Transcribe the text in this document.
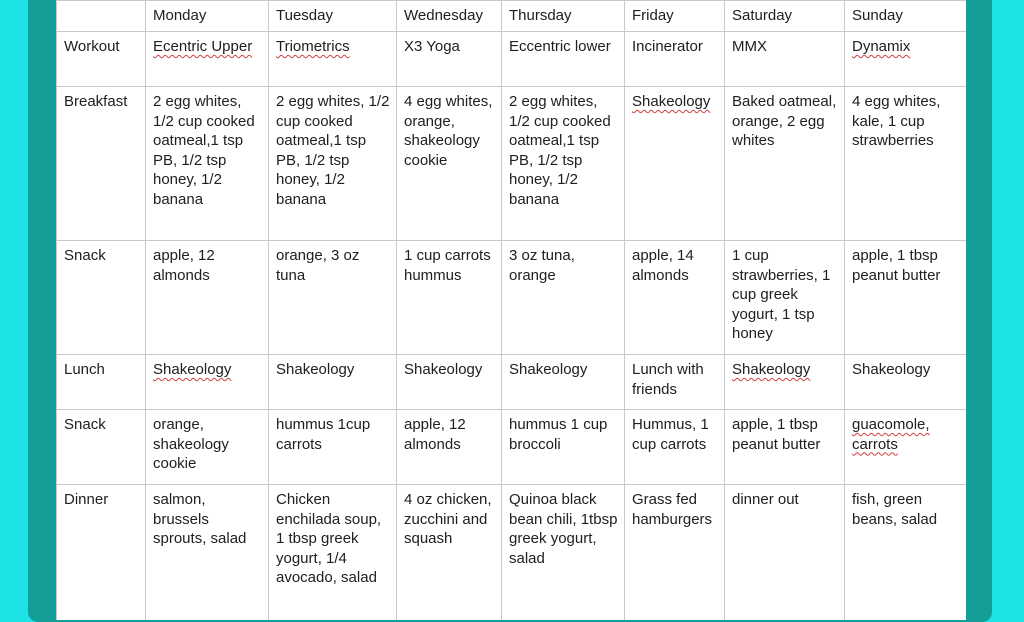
	Monday	Tuesday	Wednesday	Thursday	Friday	Saturday	Sunday
Workout	Ecentric Upper	Triometrics	X3 Yoga	Eccentric lower	Incinerator	MMX	Dynamix
Breakfast	2 egg whites, 1/2 cup cooked oatmeal,1 tsp PB, 1/2 tsp honey, 1/2 banana	2 egg whites, 1/2 cup cooked oatmeal,1 tsp PB, 1/2 tsp honey, 1/2 banana	4 egg whites, orange, shakeology cookie	2 egg whites, 1/2 cup cooked oatmeal,1 tsp PB, 1/2 tsp honey, 1/2 banana	Shakeology	Baked oatmeal, orange, 2 egg whites	4 egg whites, kale, 1 cup strawberries
Snack	apple, 12 almonds	orange, 3 oz tuna	1 cup carrots hummus	3 oz tuna, orange	apple, 14 almonds	1 cup strawberries, 1 cup greek yogurt, 1 tsp honey	apple, 1 tbsp peanut butter
Lunch	Shakeology	Shakeology	Shakeology	Shakeology	Lunch with friends	Shakeology	Shakeology
Snack	orange, shakeology cookie	hummus 1cup carrots	apple, 12 almonds	hummus 1 cup broccoli	Hummus, 1 cup carrots	apple, 1 tbsp peanut butter	guacomole, carrots
Dinner	salmon, brussels sprouts, salad	Chicken enchilada soup, 1 tbsp greek yogurt, 1/4 avocado, salad	4 oz chicken, zucchini and squash	Quinoa black bean chili, 1tbsp greek yogurt, salad	Grass fed hamburgers	dinner out	fish, green beans, salad
